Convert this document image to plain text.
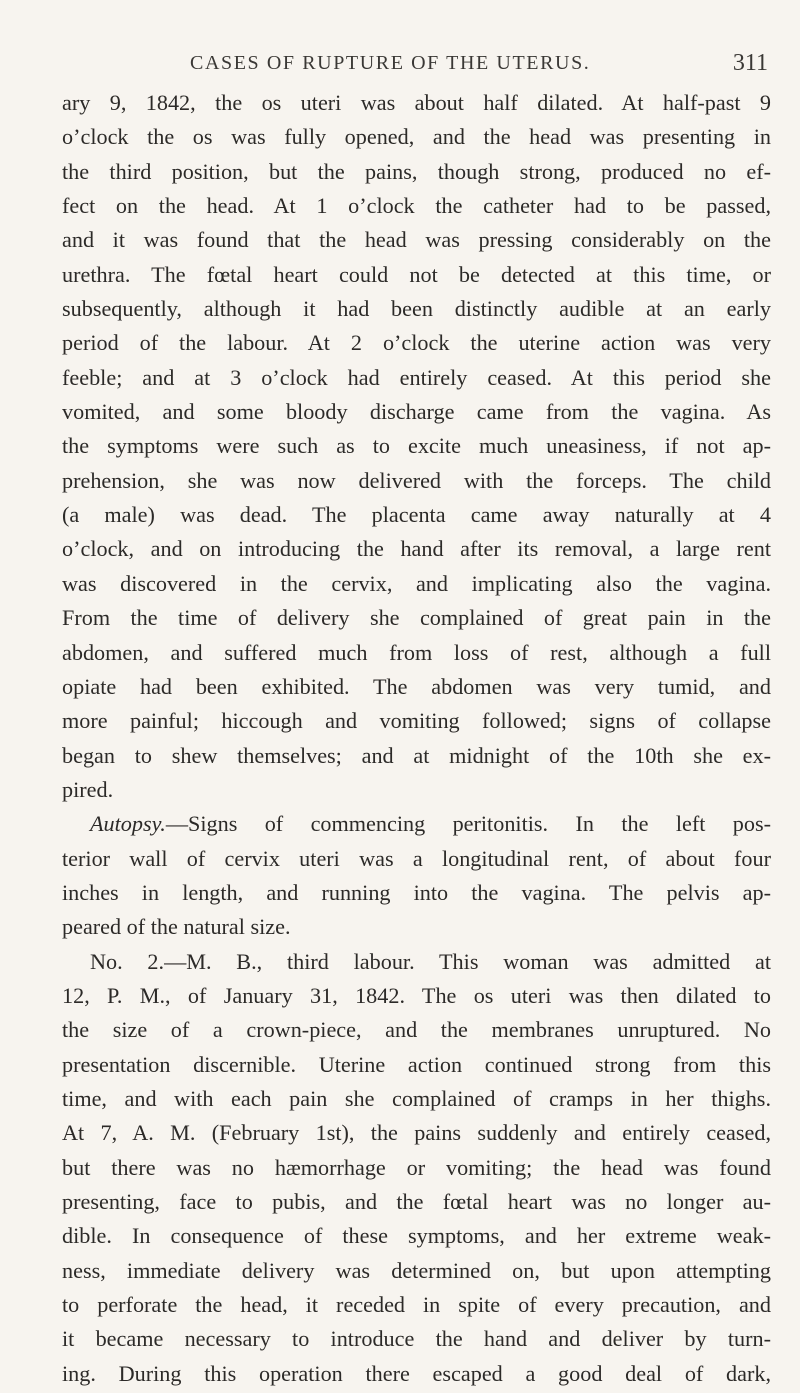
CASES OF RUPTURE OF THE UTERUS.	311
ary 9, 1842, the os uteri was about half dilated. At half-past 9
o’clock the os was fully opened, and the head was presenting in
the third position, but the pains, though strong, produced no ef-
fect on the head. At 1 o’clock the catheter had to be passed,
and it was found that the head was pressing considerably on the
urethra. The fœtal heart could not be detected at this time, or
subsequently, although it had been distinctly audible at an early
period of the labour. At 2 o’clock the uterine action was very
feeble; and at 3 o’clock had entirely ceased. At this period she
vomited, and some bloody discharge came from the vagina. As
the symptoms were such as to excite much uneasiness, if not ap-
prehension, she was now delivered with the forceps. The child
(a male) was dead. The placenta came away naturally at 4
o’clock, and on introducing the hand after its removal, a large rent
was discovered in the cervix, and implicating also the vagina.
From the time of delivery she complained of great pain in the
abdomen, and suffered much from loss of rest, although a full
opiate had been exhibited. The abdomen was very tumid, and
more painful; hiccough and vomiting followed; signs of collapse
began to shew themselves; and at midnight of the 10th she ex-
pired.
Autopsy.—Signs of commencing peritonitis. In the left pos-
terior wall of cervix uteri was a longitudinal rent, of about four
inches in length, and running into the vagina. The pelvis ap-
peared of the natural size.
No. 2.—M. B., third labour. This woman was admitted at
12, P. M., of January 31, 1842. The os uteri was then dilated to
the size of a crown-piece, and the membranes unruptured. No
presentation discernible. Uterine action continued strong from this
time, and with each pain she complained of cramps in her thighs.
At 7, A. M. (February 1st), the pains suddenly and entirely ceased,
but there was no hæmorrhage or vomiting; the head was found
presenting, face to pubis, and the fœtal heart was no longer au-
dible. In consequence of these symptoms, and her extreme weak-
ness, immediate delivery was determined on, but upon attempting
to perforate the head, it receded in spite of every precaution, and
it became necessary to introduce the hand and deliver by turn-
ing. During this operation there escaped a good deal of dark,
